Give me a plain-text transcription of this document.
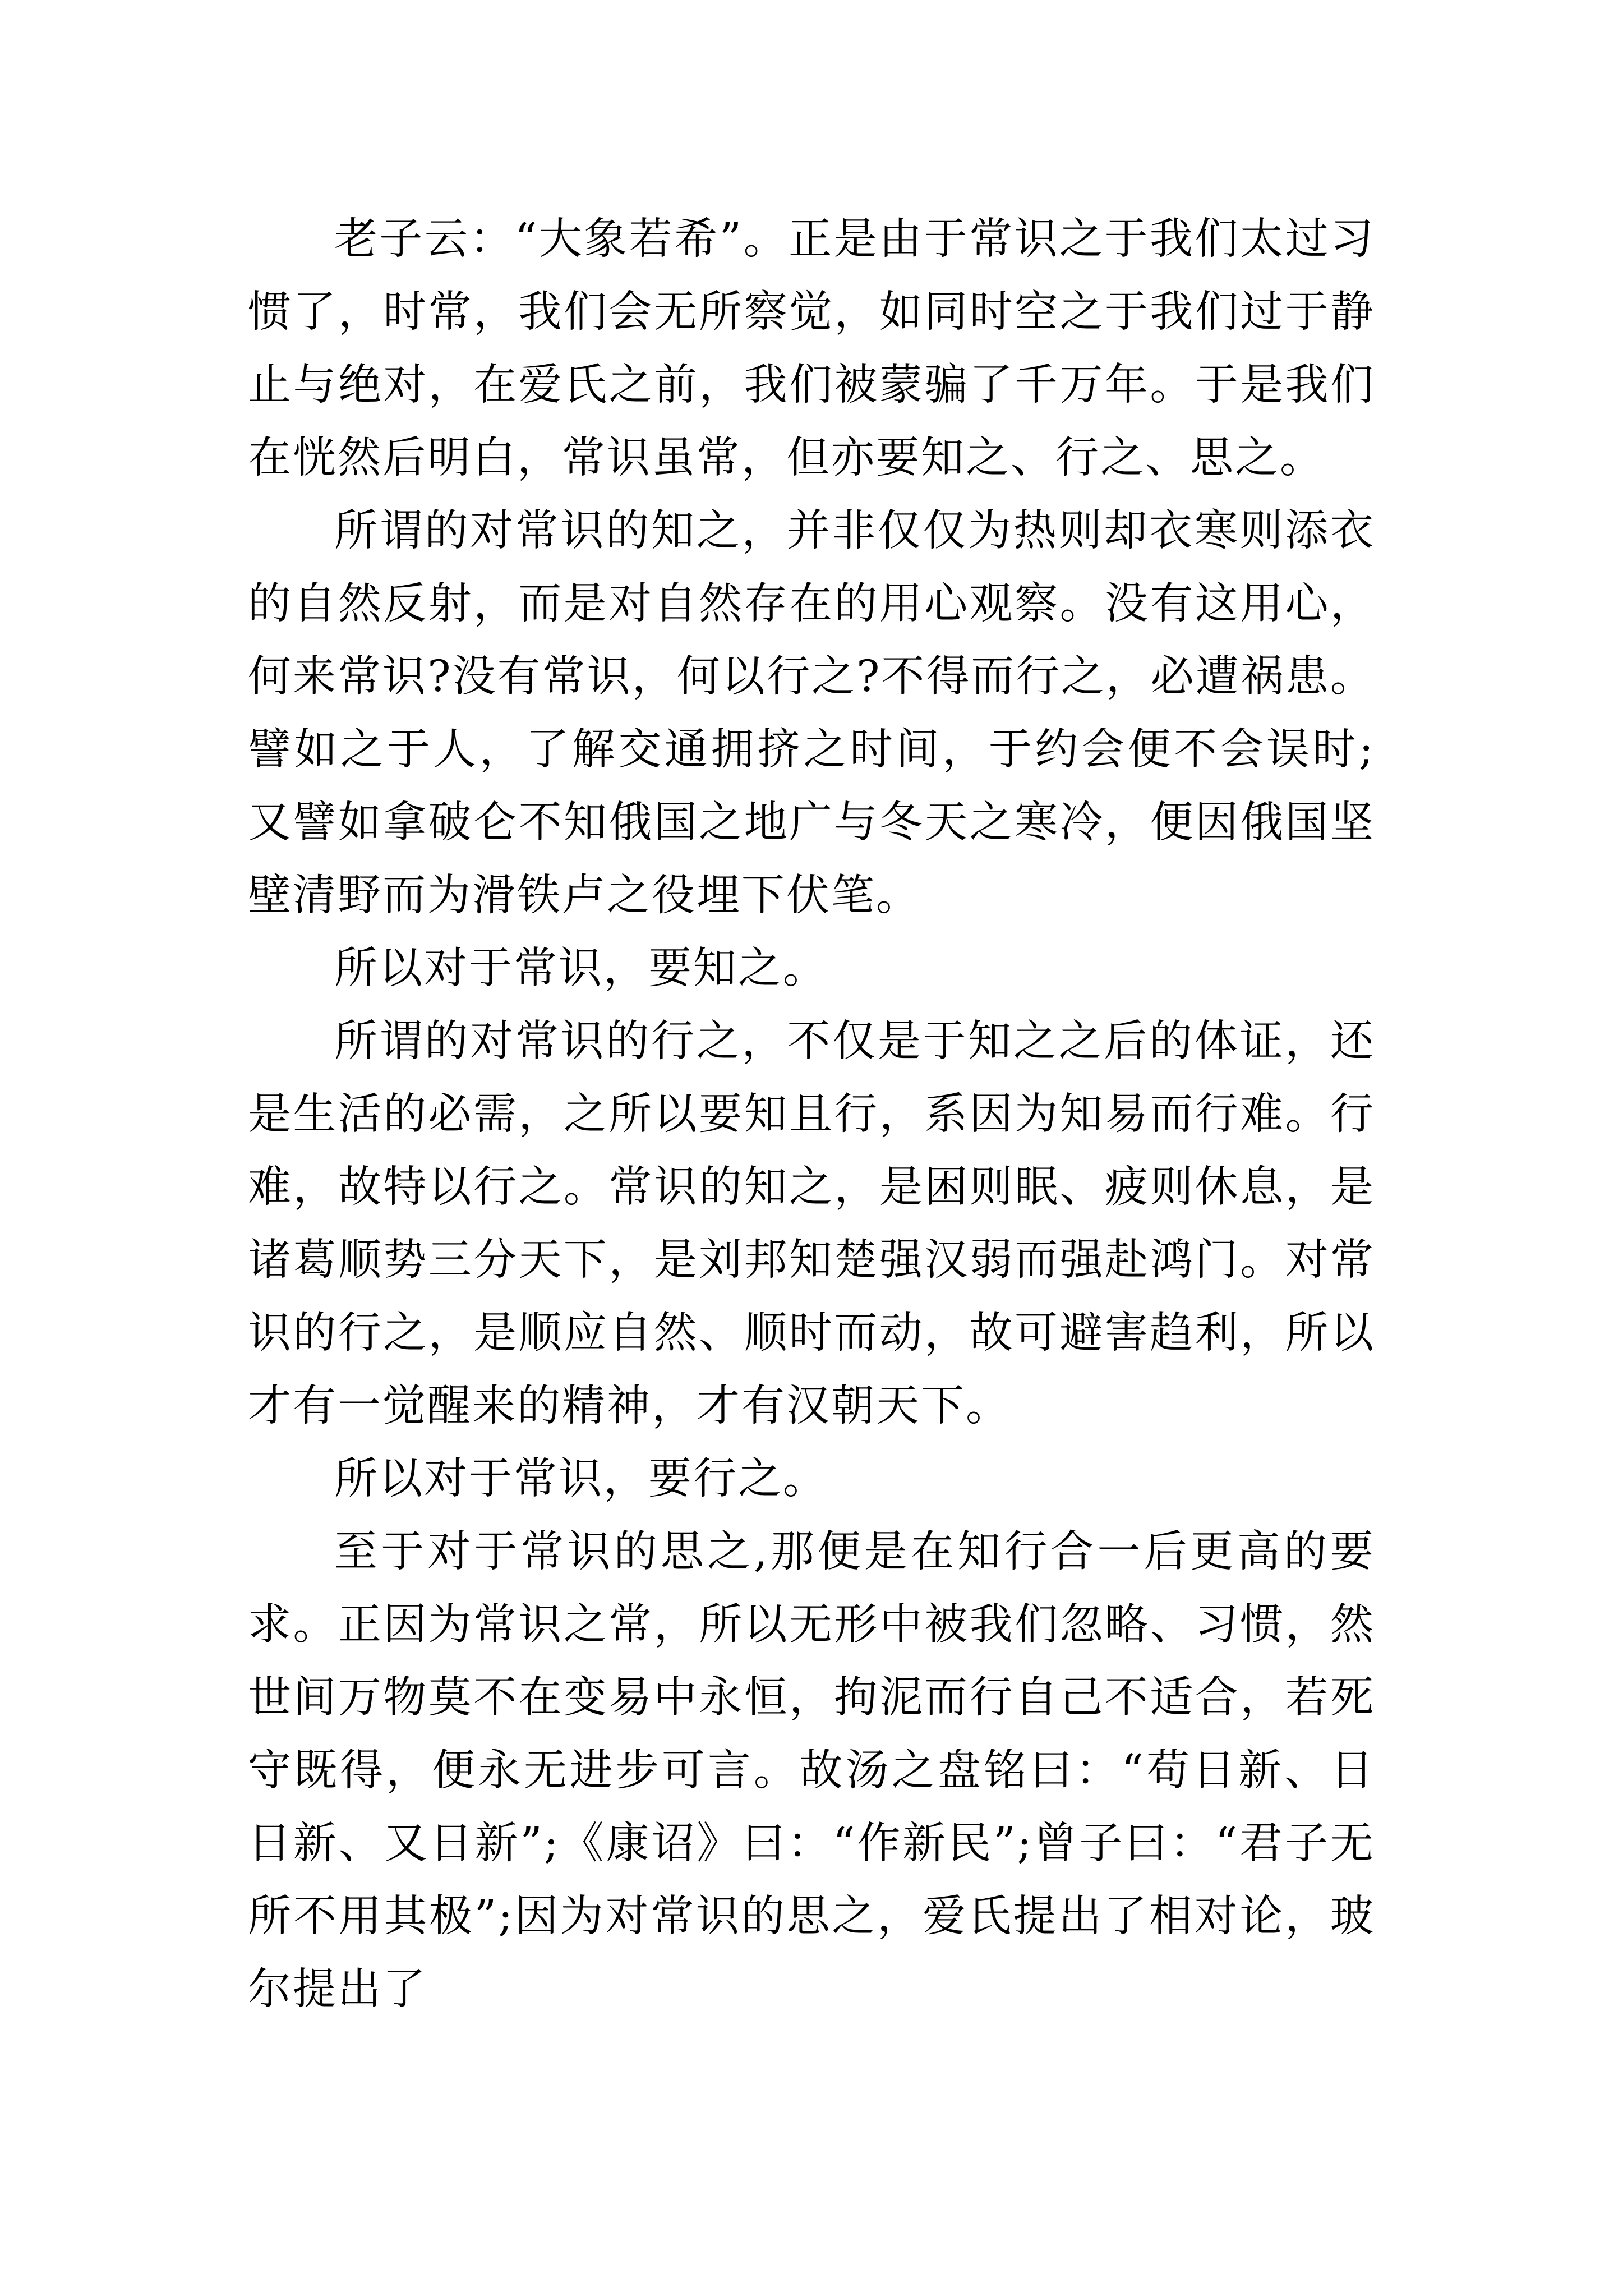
老子云：“大象若希”。正是由于常识之于我们太过习惯了，时常，我们会无所察觉，如同时空之于我们过于静止与绝对，在爱氏之前，我们被蒙骗了千万年。于是我们在恍然后明白，常识虽常，但亦要知之、行之、思之。

所谓的对常识的知之，并非仅仅为热则却衣寒则添衣的自然反射，而是对自然存在的用心观察。没有这用心，何来常识?没有常识，何以行之?不得而行之，必遭祸患。譬如之于人，了解交通拥挤之时间，于约会便不会误时;又譬如拿破仑不知俄国之地广与冬天之寒冷，便因俄国坚壁清野而为滑铁卢之役埋下伏笔。

所以对于常识，要知之。

所谓的对常识的行之，不仅是于知之之后的体证，还是生活的必需，之所以要知且行，系因为知易而行难。行难，故特以行之。常识的知之，是困则眠、疲则休息，是诸葛顺势三分天下，是刘邦知楚强汉弱而强赴鸿门。对常识的行之，是顺应自然、顺时而动，故可避害趋利，所以才有一觉醒来的精神，才有汉朝天下。

所以对于常识，要行之。

至于对于常识的思之,那便是在知行合一后更高的要求。正因为常识之常，所以无形中被我们忽略、习惯，然世间万物莫不在变易中永恒，拘泥而行自己不适合，若死守既得，便永无进步可言。故汤之盘铭曰：“苟日新、日日新、又日新”;《康诏》曰：“作新民”;曾子曰：“君子无所不用其极”;因为对常识的思之，爱氏提出了相对论，玻尔提出了
